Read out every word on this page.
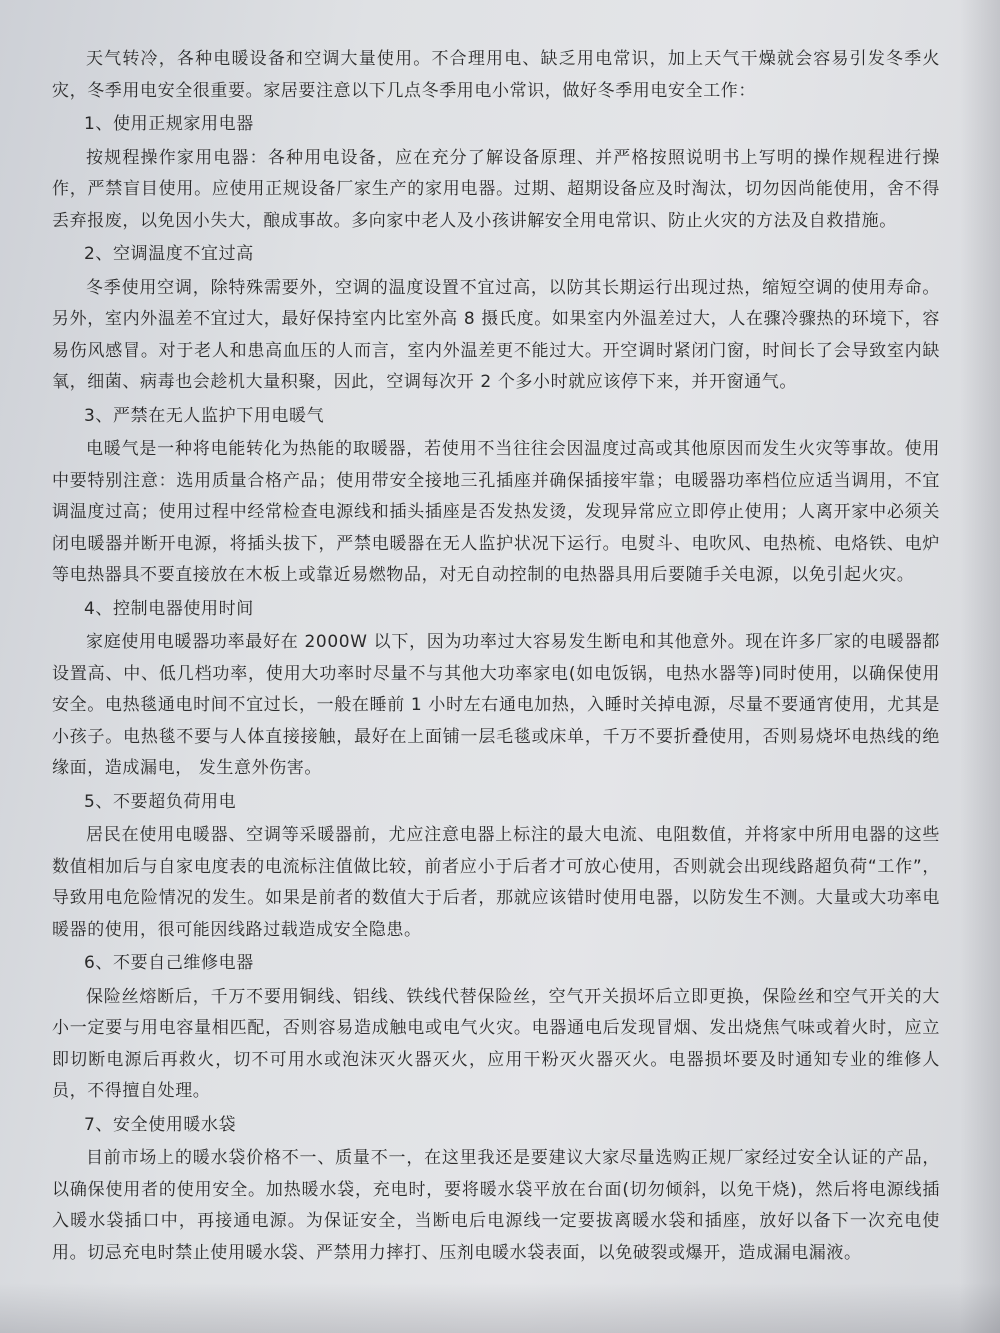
天气转冷，各种电暖设备和空调大量使用。不合理用电、缺乏用电常识，加上天气干燥就会容易引发冬季火灾，冬季用电安全很重要。家居要注意以下几点冬季用电小常识，做好冬季用电安全工作：

1、使用正规家用电器

按规程操作家用电器：各种用电设备，应在充分了解设备原理、并严格按照说明书上写明的操作规程进行操作，严禁盲目使用。应使用正规设备厂家生产的家用电器。过期、超期设备应及时淘汰，切勿因尚能使用，舍不得丢弃报废，以免因小失大，酿成事故。多向家中老人及小孩讲解安全用电常识、防止火灾的方法及自救措施。

2、空调温度不宜过高

冬季使用空调，除特殊需要外，空调的温度设置不宜过高，以防其长期运行出现过热，缩短空调的使用寿命。另外，室内外温差不宜过大，最好保持室内比室外高 8 摄氏度。如果室内外温差过大，人在骤冷骤热的环境下，容易伤风感冒。对于老人和患高血压的人而言，室内外温差更不能过大。开空调时紧闭门窗，时间长了会导致室内缺氧，细菌、病毒也会趁机大量积聚，因此，空调每次开 2 个多小时就应该停下来，并开窗通气。

3、严禁在无人监护下用电暖气

电暖气是一种将电能转化为热能的取暖器，若使用不当往往会因温度过高或其他原因而发生火灾等事故。使用中要特别注意：选用质量合格产品；使用带安全接地三孔插座并确保插接牢靠；电暖器功率档位应适当调用，不宜调温度过高；使用过程中经常检查电源线和插头插座是否发热发烫，发现异常应立即停止使用；人离开家中必须关闭电暖器并断开电源，将插头拔下，严禁电暖器在无人监护状况下运行。电熨斗、电吹风、电热梳、电烙铁、电炉等电热器具不要直接放在木板上或靠近易燃物品，对无自动控制的电热器具用后要随手关电源，以免引起火灾。

4、控制电器使用时间

家庭使用电暖器功率最好在 2000W 以下，因为功率过大容易发生断电和其他意外。现在许多厂家的电暖器都设置高、中、低几档功率，使用大功率时尽量不与其他大功率家电(如电饭锅，电热水器等)同时使用，以确保使用安全。电热毯通电时间不宜过长，一般在睡前 1 小时左右通电加热，入睡时关掉电源，尽量不要通宵使用，尤其是小孩子。电热毯不要与人体直接接触，最好在上面铺一层毛毯或床单，千万不要折叠使用，否则易烧坏电热线的绝缘面，造成漏电， 发生意外伤害。

5、不要超负荷用电

居民在使用电暖器、空调等采暖器前，尤应注意电器上标注的最大电流、电阻数值，并将家中所用电器的这些数值相加后与自家电度表的电流标注值做比较，前者应小于后者才可放心使用，否则就会出现线路超负荷“工作”，导致用电危险情况的发生。如果是前者的数值大于后者，那就应该错时使用电器，以防发生不测。大量或大功率电暖器的使用，很可能因线路过载造成安全隐患。

6、不要自己维修电器

保险丝熔断后，千万不要用铜线、铝线、铁线代替保险丝，空气开关损坏后立即更换，保险丝和空气开关的大小一定要与用电容量相匹配，否则容易造成触电或电气火灾。电器通电后发现冒烟、发出烧焦气味或着火时，应立即切断电源后再救火，切不可用水或泡沫灭火器灭火，应用干粉灭火器灭火。电器损坏要及时通知专业的维修人员，不得擅自处理。

7、安全使用暖水袋

目前市场上的暖水袋价格不一、质量不一，在这里我还是要建议大家尽量选购正规厂家经过安全认证的产品，以确保使用者的使用安全。加热暖水袋，充电时，要将暖水袋平放在台面(切勿倾斜，以免干烧)，然后将电源线插入暖水袋插口中，再接通电源。为保证安全，当断电后电源线一定要拔离暖水袋和插座，放好以备下一次充电使用。切忌充电时禁止使用暖水袋、严禁用力摔打、压剂电暖水袋表面，以免破裂或爆开，造成漏电漏液。
